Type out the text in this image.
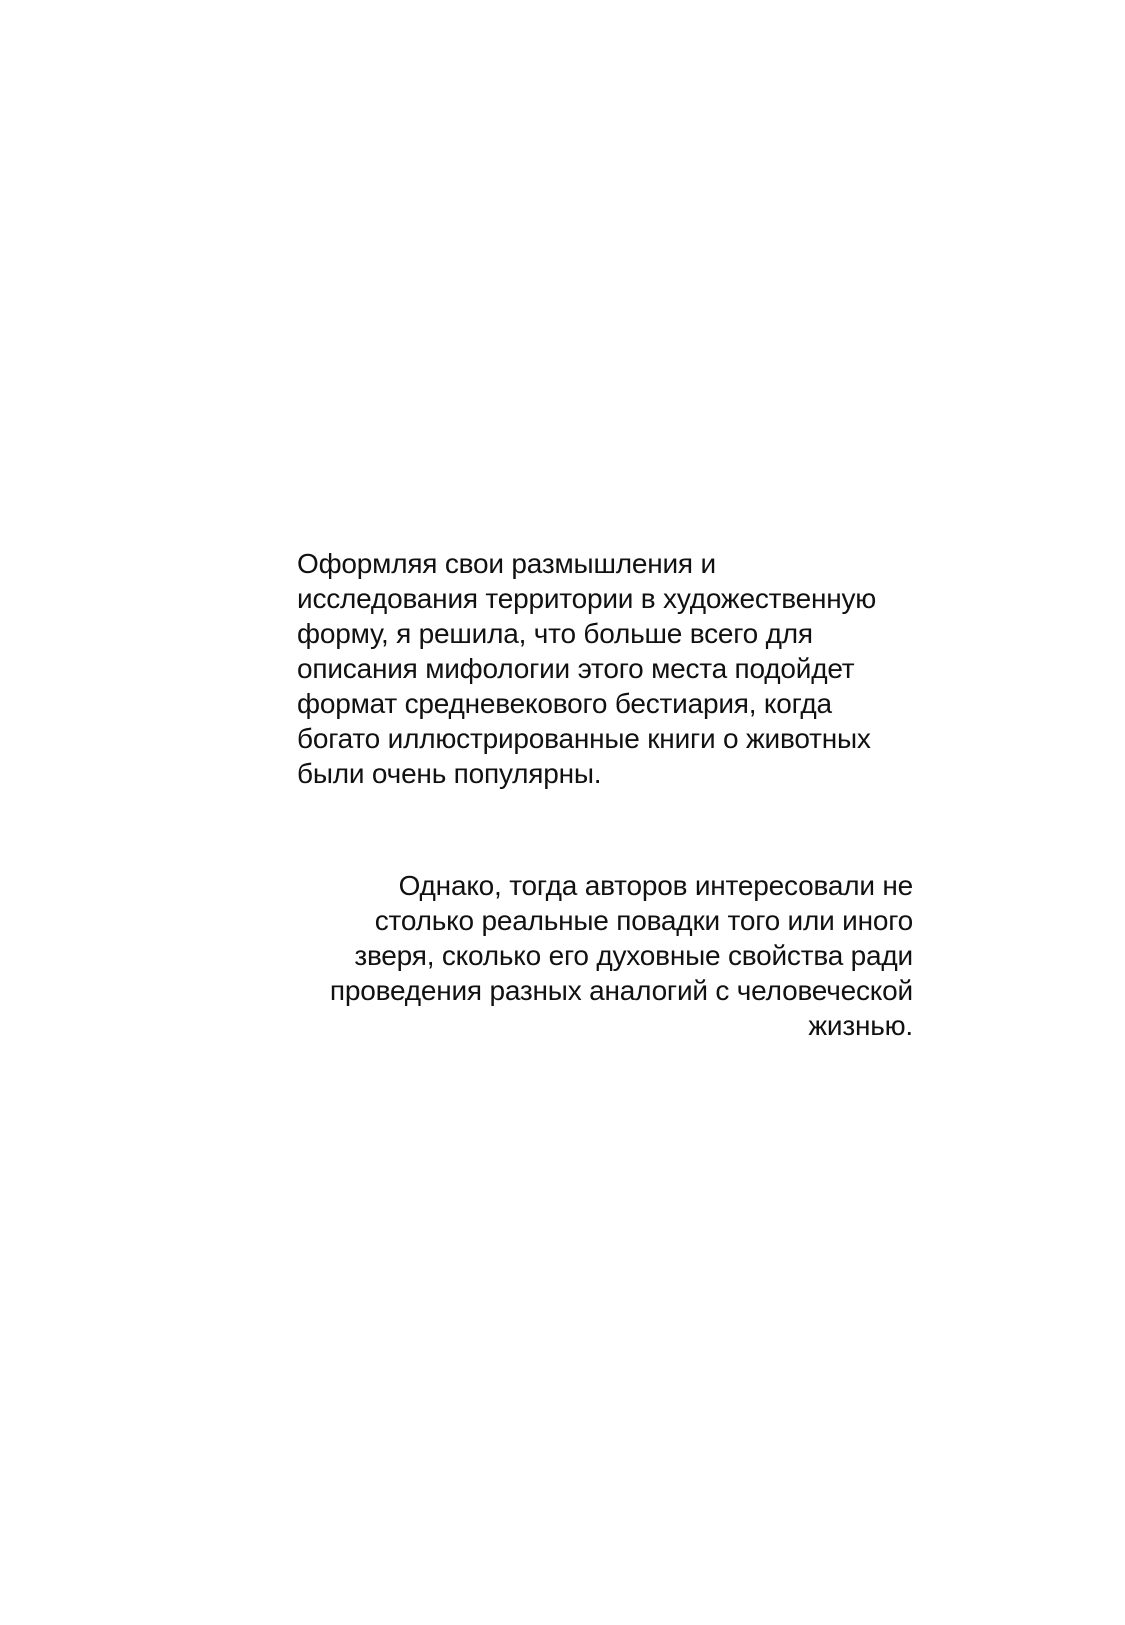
Оформляя свои размышления и
исследования территории в художественную
форму, я решила, что больше всего для
описания мифологии этого места подойдет
формат средневекового бестиария, когда
богато иллюстрированные книги о животных
были очень популярны.

Однако, тогда авторов интересовали не
столько реальные повадки того или иного
зверя, сколько его духовные свойства ради
проведения разных аналогий с человеческой
жизнью.
